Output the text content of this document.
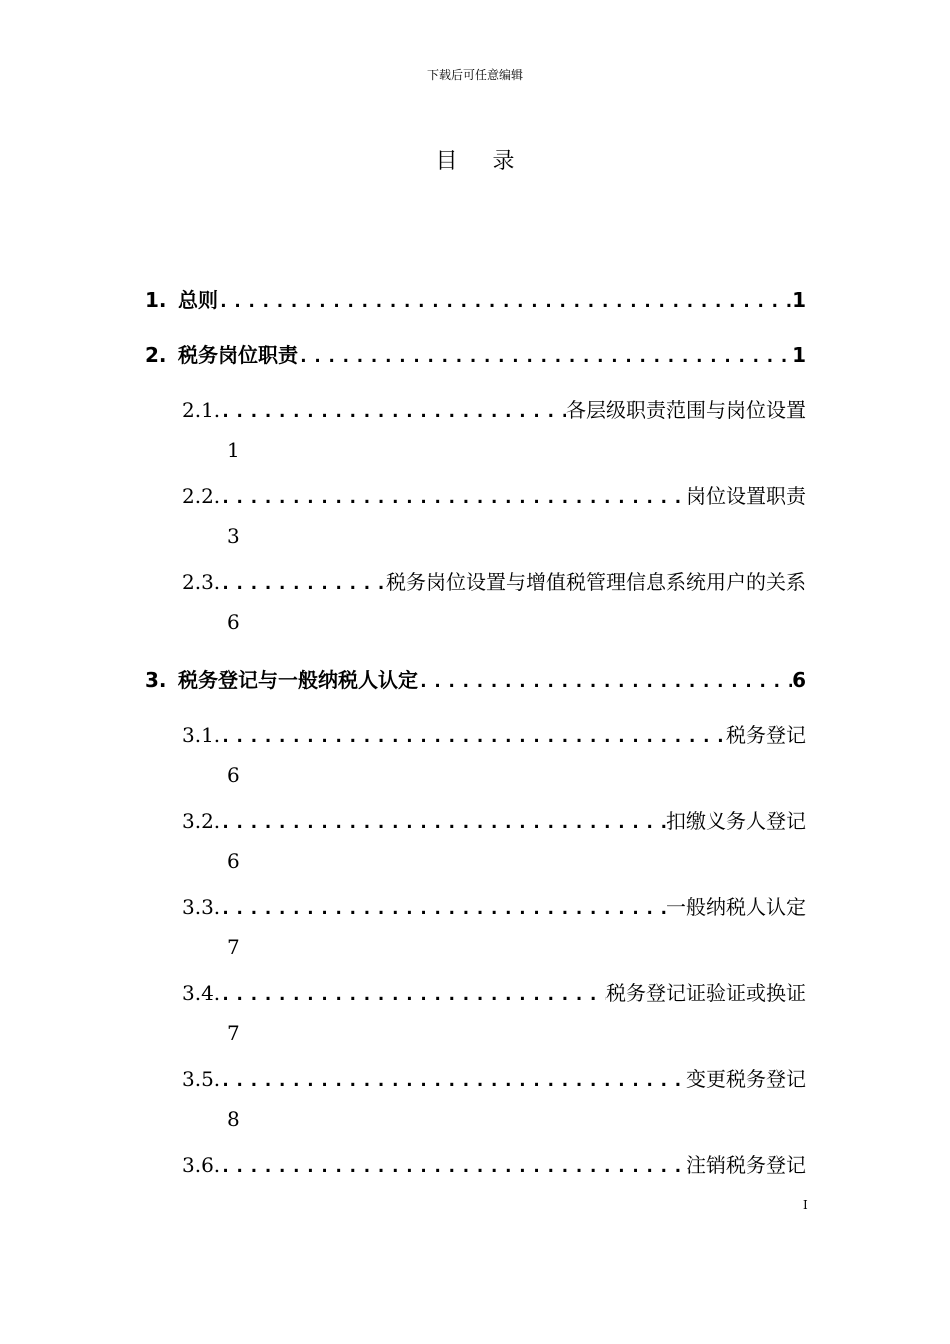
下载后可任意编辑
目 录
1. 总则 .....	1
2. 税务岗位职责 .....	1
2.1. .....	各层级职责范围与岗位设置
1
2.2. .....	岗位设置职责
3
2.3. .....	税务岗位设置与增值税管理信息系统用户的关系
6
3. 税务登记与一般纳税人认定 .....	6
3.1. .....	税务登记
6
3.2. .....	扣缴义务人登记
6
3.3. .....	一般纳税人认定
7
3.4. .....	税务登记证验证或换证
7
3.5. .....	变更税务登记
8
3.6. .....	注销税务登记
I
